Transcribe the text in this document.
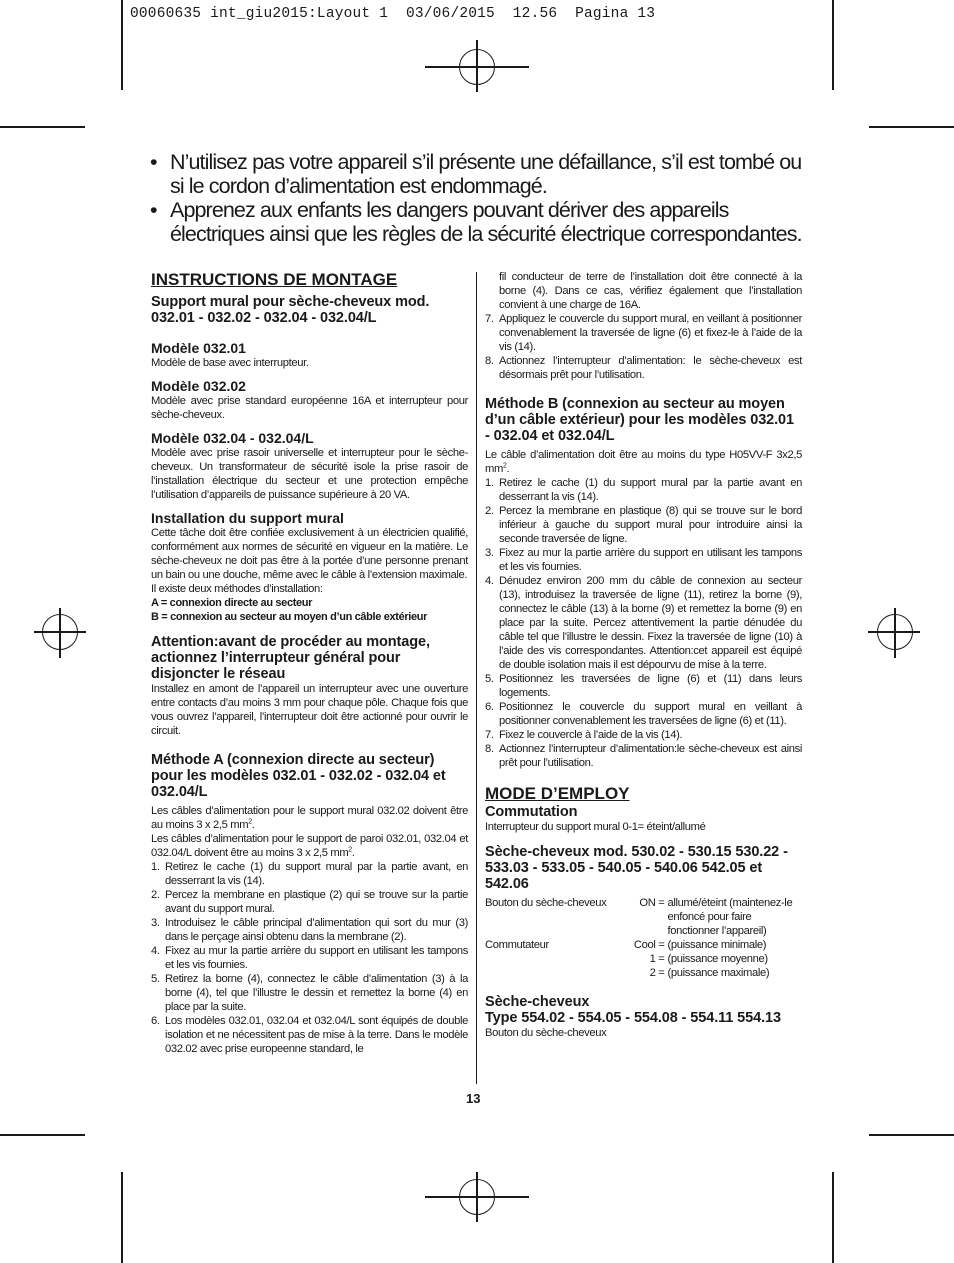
00060635 int_giu2015:Layout 1  03/06/2015  12.56  Pagina 13
• N’utilisez pas votre appareil s’il présente une défaillance, s’il est tombé ou si le cordon d’alimentation est endommagé.
• Apprenez aux enfants les dangers pouvant dériver des appareils électriques ainsi que les règles de la sécurité électrique correspondantes.
INSTRUCTIONS DE MONTAGE
Support mural pour sèche-cheveux mod. 032.01 - 032.02 - 032.04 - 032.04/L
Modèle 032.01

Modèle de base avec interrupteur.

Modèle 032.02

Modèle avec prise standard européenne 16A et interrupteur pour sèche-cheveux.

Modèle 032.04 - 032.04/L

Modèle avec prise rasoir universelle et interrupteur pour le sèche-cheveux. Un transformateur de sécurité isole la prise rasoir de l’installation électrique du secteur et une protection empêche l’utilisation d’appareils de puissance supérieure à 20 VA.

Installation du support mural

Cette tâche doit être confiée exclusivement à un électricien qualifié, conformément aux normes de sécurité en vigueur en la matière. Le sèche-cheveux ne doit pas être à la portée d’une personne prenant un bain ou une douche, même avec le câble à l’extension maximale.

Il existe deux méthodes d’installation:

A = connexion directe au secteur

B = connexion au secteur au moyen d’un câble extérieur

Attention:avant de procéder au montage, actionnez l’interrupteur général pour disjoncter le réseau

Installez en amont de l’appareil un interrupteur avec une ouverture entre contacts d’au moins 3 mm pour chaque pôle. Chaque fois que vous ouvrez l’appareil, l’interrupteur doit être actionné pour ouvrir le circuit.

Méthode A (connexion directe au secteur) pour les modèles 032.01 - 032.02 - 032.04 et 032.04/L

Les câbles d’alimentation pour le support mural 032.02 doivent être au moins 3 x 2,5 $mm^2$.

Les câbles d’alimentation pour le support de paroi 032.01, 032.04 et 032.04/L doivent être au moins 3 x 2,5 $mm^2$.

1. Retirez le cache (1) du support mural par la partie avant, en desserrant la vis (14).
2. Percez la membrane en plastique (2) qui se trouve sur la partie avant du support mural.
3. Introduisez le câble principal d’alimentation qui sort du mur (3) dans le perçage ainsi obtenu dans la membrane (2).
4. Fixez au mur la partie arrière du support en utilisant les tampons et les vis fournies.
5. Retirez la borne (4), connectez le câble d’alimentation (3) à la borne (4), tel que l’illustre le dessin et remettez la borne (4) en place par la suite.
6. Los modèles 032.01, 032.04 et 032.04/L sont équipés de double isolation et ne nécessitent pas de mise à la terre. Dans le modèle 032.02 avec prise europeenne standard, le

fil conducteur de terre de l’installation doit être connecté à la borne (4). Dans ce cas, vérifiez également que l’installation convient à une charge de 16A.

7. Appliquez le couvercle du support mural, en veillant à positionner convenablement la traversée de ligne (6) et fixez-le à l’aide de la vis (14).
8. Actionnez l’interrupteur d’alimentation: le sèche-cheveux est désormais prêt pour l’utilisation.
Méthode B (connexion au secteur au moyen d’un câble extérieur) pour les modèles 032.01 - 032.04 et 032.04/L

Le câble d’alimentation doit être au moins du type H05VV-F 3x2,5 $mm^2$.

1. Retirez le cache (1) du support mural par la partie avant en desserrant la vis (14).
2. Percez la membrane en plastique (8) qui se trouve sur le bord inférieur à gauche du support mural pour introduire ainsi la seconde traversée de ligne.
3. Fixez au mur la partie arrière du support en utilisant les tampons et les vis fournies.
4. Dénudez environ 200 mm du câble de connexion au secteur (13), introduisez la traversée de ligne (11), retirez la borne (9), connectez le câble (13) à la borne (9) et remettez la borne (9) en place par la suite. Percez attentivement la partie dénudée du câble tel que l’illustre le dessin. Fixez la traversée de ligne (10) à l’aide des vis correspondantes. Attention:cet appareil est équipé de double isolation mais il est dépourvu de mise à la terre.
5. Positionnez les traversées de ligne (6) et (11) dans leurs logements.
6. Positionnez le couvercle du support mural en veillant à positionner convenablement les traversées de ligne (6) et (11).
7. Fixez le couvercle à l’aide de la vis (14).
8. Actionnez l’interrupteur d’alimentation:le sèche-cheveux est ainsi prêt pour l’utilisation.
MODE D’EMPLOY
Commutation

Interrupteur du support mural 0-1= éteint/allumé

Sèche-cheveux mod. 530.02 - 530.15 530.22 - 533.03 - 533.05 - 540.05 - 540.06 542.05 et 542.06
Bouton du sèche-cheveux	ON =	allumé/éteint (maintenez-le enfoncé pour faire fonctionner l’appareil)
Commutateur	Cool =	(puissance minimale)
	1 =	(puissance moyenne)
	2 =	(puissance maximale)
Sèche-cheveux
Type 554.02 - 554.05 - 554.08 - 554.11 554.13

Bouton du sèche-cheveux

13
